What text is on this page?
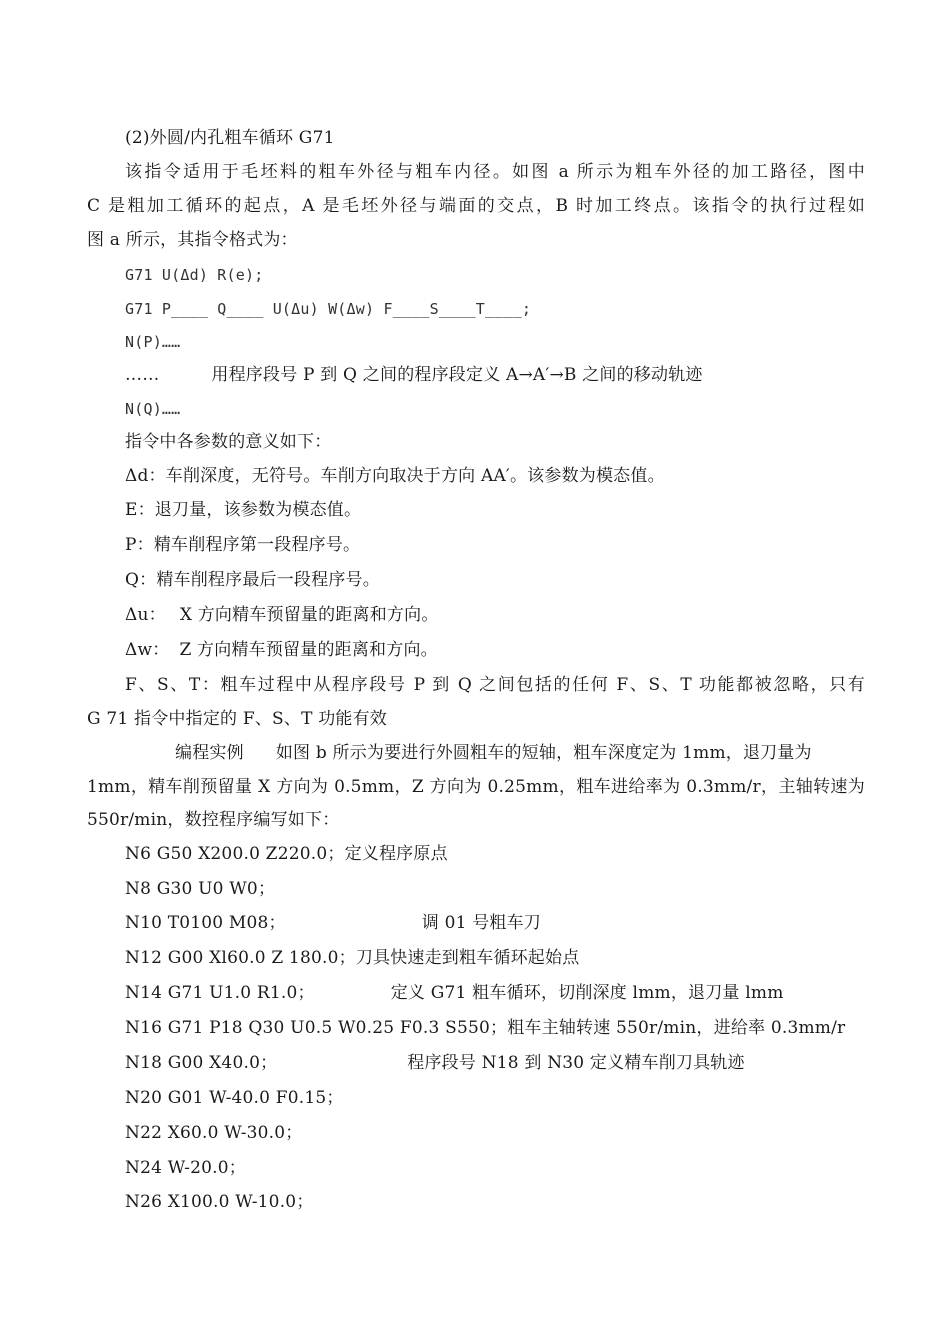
(2)外圆/内孔粗车循环 G71
该指令适用于毛坯料的粗车外径与粗车内径。如图 a 所示为粗车外径的加工路径，图中
C 是粗加工循环的起点，A 是毛坯外径与端面的交点，B 时加工终点。该指令的执行过程如
图 a 所示，其指令格式为：
G71 U(Δd) R(e);
G71 P____ Q____ U(Δu) W(Δw) F____S____T____;
N(P)……
……	用程序段号 P 到 Q 之间的程序段定义 A→A′→B 之间的移动轨迹
N(Q)……
指令中各参数的意义如下：
Δd：车削深度，无符号。车削方向取决于方向 AA′。该参数为模态值。
E：退刀量，该参数为模态值。
P：精车削程序第一段程序号。
Q：精车削程序最后一段程序号。
Δu： X 方向精车预留量的距离和方向。
Δw： Z 方向精车预留量的距离和方向。
F、S、T：粗车过程中从程序段号 P 到 Q 之间包括的任何 F、S、T 功能都被忽略，只有
G 71 指令中指定的 F、S、T 功能有效
编程实例 如图 b 所示为要进行外圆粗车的短轴，粗车深度定为 1mm，退刀量为
1mm，精车削预留量 X 方向为 0.5mm，Z 方向为 0.25mm，粗车进给率为 0.3mm/r，主轴转速为
550r/min，数控程序编写如下：
N6 G50 X200.0 Z220.0；定义程序原点
N8 G30 U0 W0；
N10 T0100 M08；	调 01 号粗车刀
N12 G00 Xl60.0 Z 180.0；刀具快速走到粗车循环起始点
N14 G71 U1.0 R1.0；	定义 G71 粗车循环，切削深度 lmm，退刀量 lmm
N16 G71 P18 Q30 U0.5 W0.25 F0.3 S550；粗车主轴转速 550r/min，进给率 0.3mm/r
N18 G00 X40.0；	程序段号 N18 到 N30 定义精车削刀具轨迹
N20 G01 W-40.0 F0.15；
N22 X60.0 W-30.0；
N24 W-20.0；
N26 X100.0 W-10.0；
